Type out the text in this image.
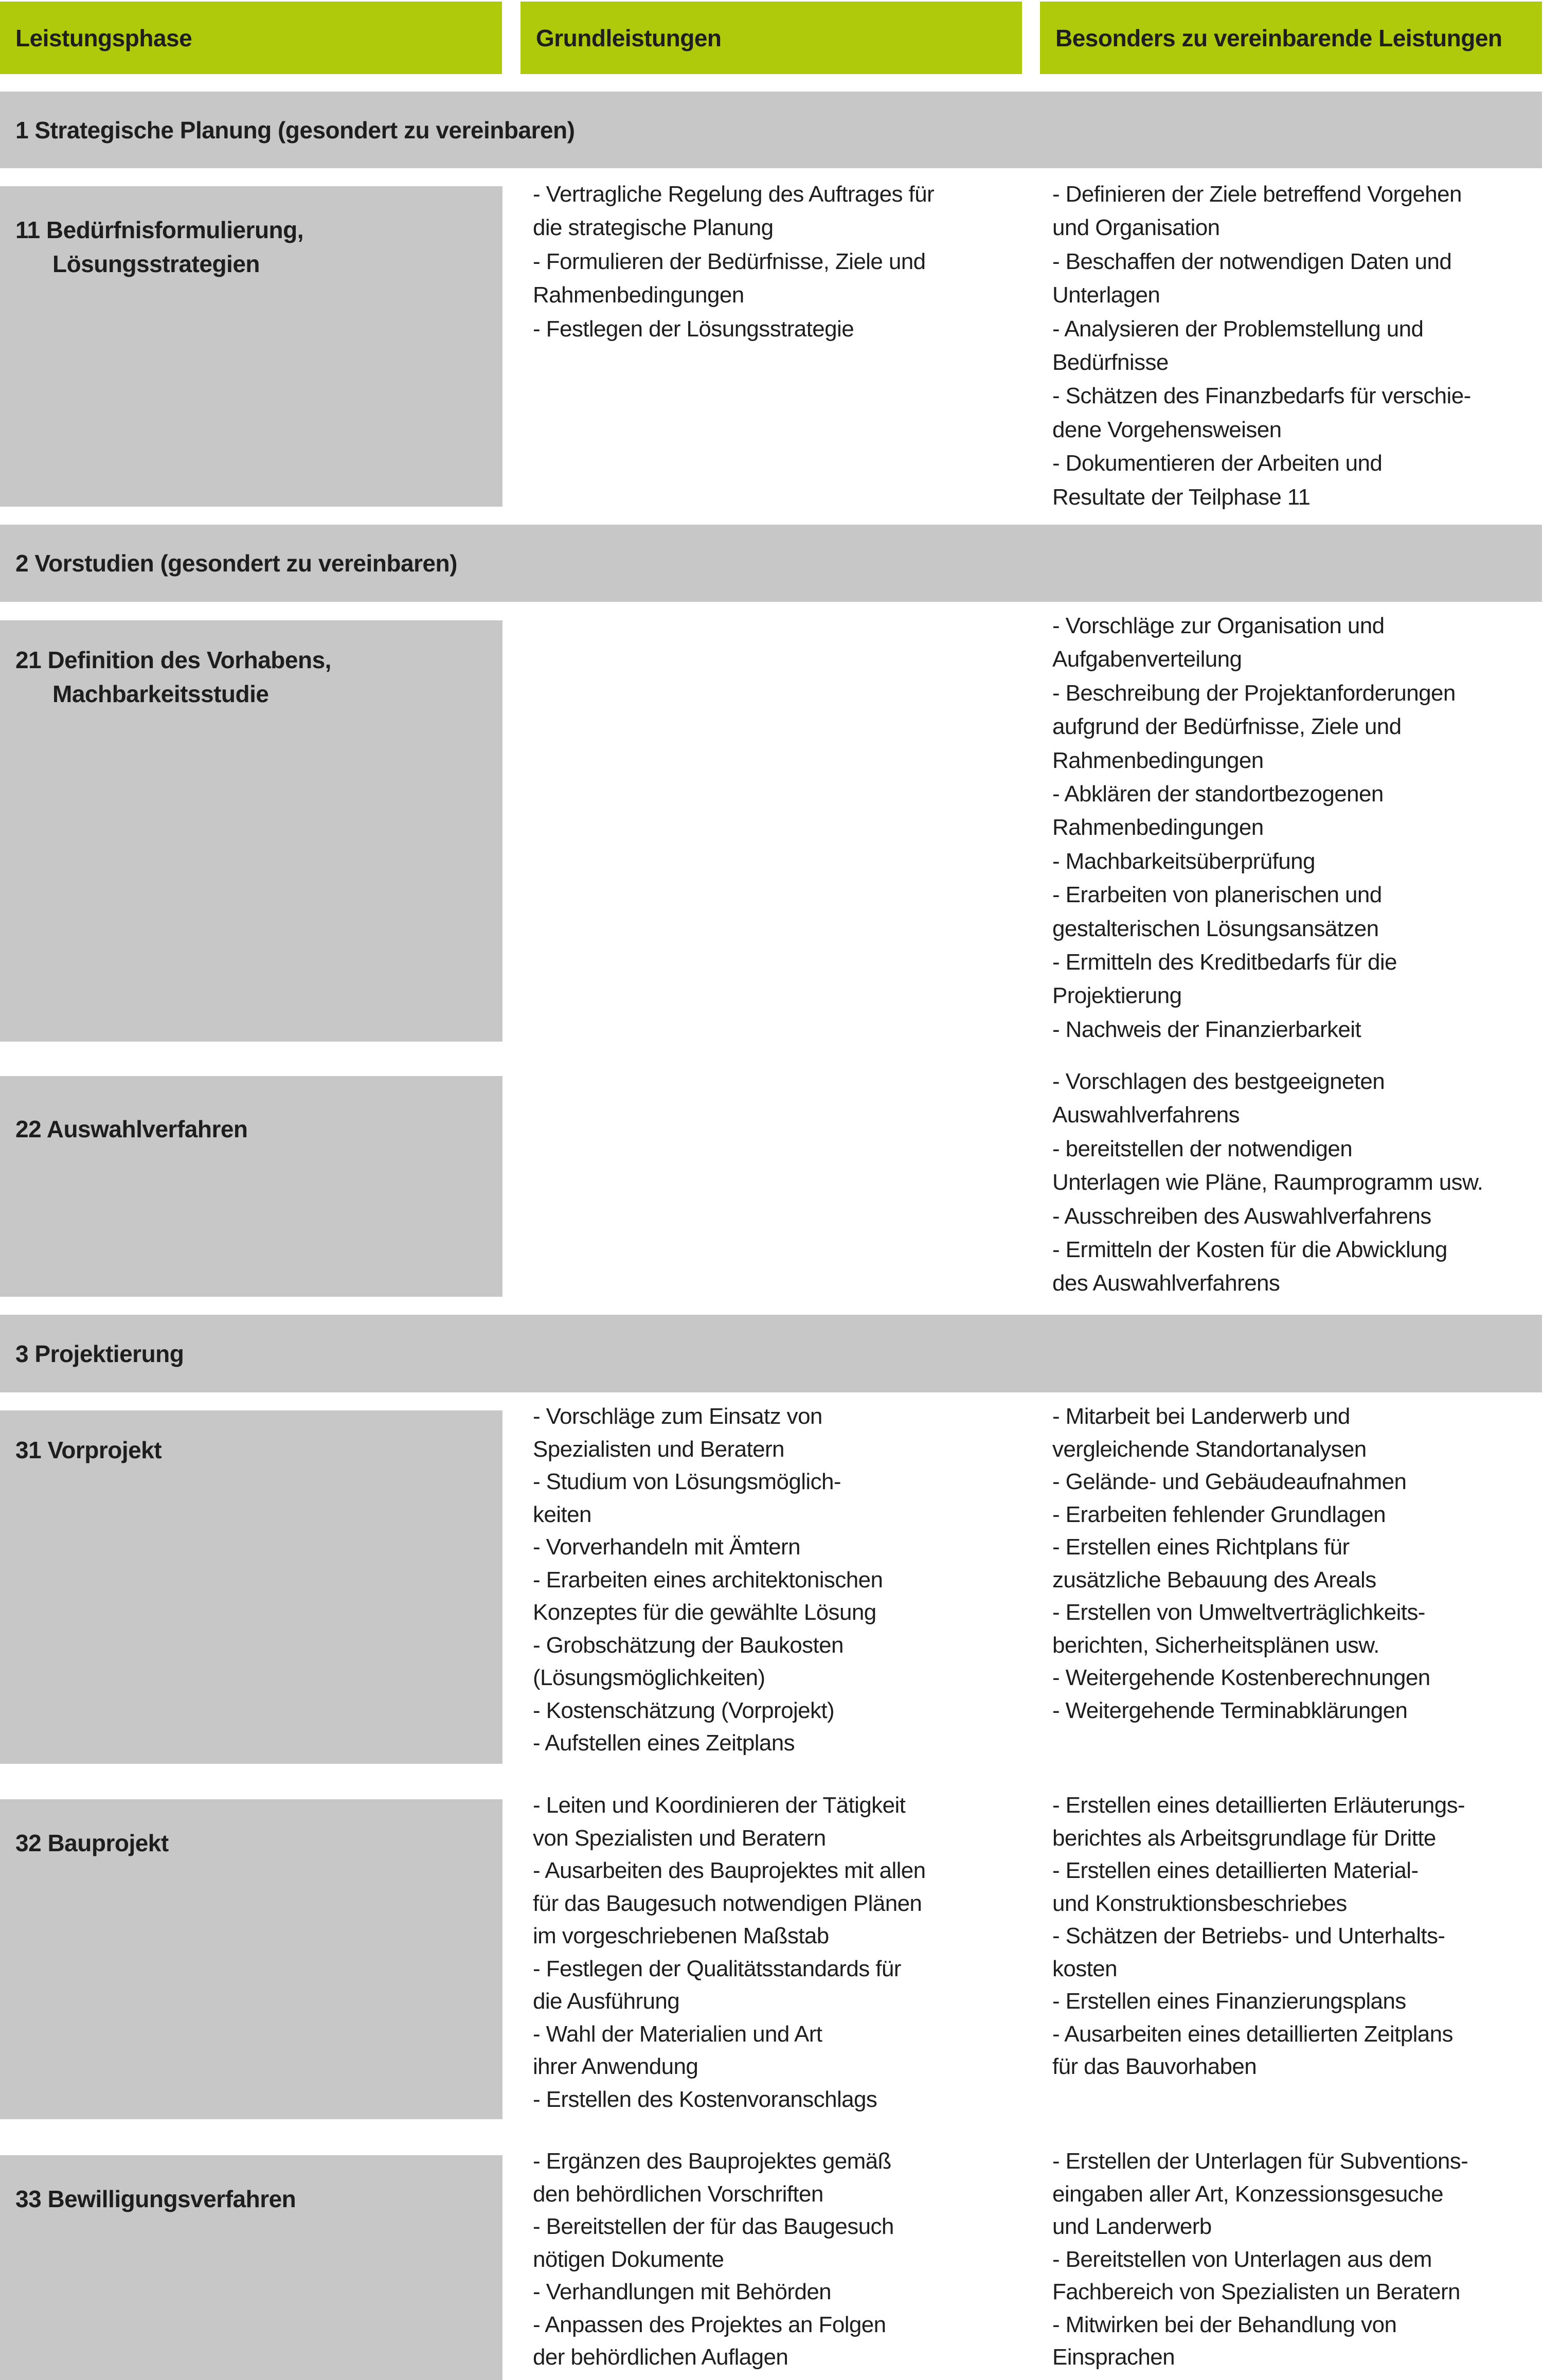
Leistungsphase	Grundleistungen	Besonders zu vereinbarende Leistungen
1 Strategische Planung (gesondert zu vereinbaren)
11 Bedürfnisformulierung,
Lösungsstrategien
- Vertragliche Regelung des Auftrages für
die strategische Planung
- Formulieren der Bedürfnisse, Ziele und
Rahmenbedingungen
- Festlegen der Lösungsstrategie
- Definieren der Ziele betreffend Vorgehen
und Organisation
- Beschaffen der notwendigen Daten und
Unterlagen
- Analysieren der Problemstellung und
Bedürfnisse
- Schätzen des Finanzbedarfs für verschie-
dene Vorgehensweisen
- Dokumentieren der Arbeiten und
Resultate der Teilphase 11
2 Vorstudien (gesondert zu vereinbaren)
21 Definition des Vorhabens,
Machbarkeitsstudie
- Vorschläge zur Organisation und
Aufgabenverteilung
- Beschreibung der Projektanforderungen
aufgrund der Bedürfnisse, Ziele und
Rahmenbedingungen
- Abklären der standortbezogenen
Rahmenbedingungen
- Machbarkeitsüberprüfung
- Erarbeiten von planerischen und
gestalterischen Lösungsansätzen
- Ermitteln des Kreditbedarfs für die
Projektierung
- Nachweis der Finanzierbarkeit
22 Auswahlverfahren
- Vorschlagen des bestgeeigneten
Auswahlverfahrens
- bereitstellen der notwendigen
Unterlagen wie Pläne, Raumprogramm usw.
- Ausschreiben des Auswahlverfahrens
- Ermitteln der Kosten für die Abwicklung
des Auswahlverfahrens
3 Projektierung
31 Vorprojekt
- Vorschläge zum Einsatz von
Spezialisten und Beratern
- Studium von Lösungsmöglich-
keiten
- Vorverhandeln mit Ämtern
- Erarbeiten eines architektonischen
Konzeptes für die gewählte Lösung
- Grobschätzung der Baukosten
(Lösungsmöglichkeiten)
- Kostenschätzung (Vorprojekt)
- Aufstellen eines Zeitplans
- Mitarbeit bei Landerwerb und
vergleichende Standortanalysen
- Gelände- und Gebäudeaufnahmen
- Erarbeiten fehlender Grundlagen
- Erstellen eines Richtplans für
zusätzliche Bebauung des Areals
- Erstellen von Umweltverträglichkeits-
berichten, Sicherheitsplänen usw.
- Weitergehende Kostenberechnungen
- Weitergehende Terminabklärungen
32 Bauprojekt
- Leiten und Koordinieren der Tätigkeit
von Spezialisten und Beratern
- Ausarbeiten des Bauprojektes mit allen
für das Baugesuch notwendigen Plänen
im vorgeschriebenen Maßstab
- Festlegen der Qualitätsstandards für
die Ausführung
- Wahl der Materialien und Art
ihrer Anwendung
- Erstellen des Kostenvoranschlags
- Erstellen eines detaillierten Erläuterungs-
berichtes als Arbeitsgrundlage für Dritte
- Erstellen eines detaillierten Material-
und Konstruktionsbeschriebes
- Schätzen der Betriebs- und Unterhalts-
kosten
- Erstellen eines Finanzierungsplans
- Ausarbeiten eines detaillierten Zeitplans
für das Bauvorhaben
33 Bewilligungsverfahren
- Ergänzen des Bauprojektes gemäß
den behördlichen Vorschriften
- Bereitstellen der für das Baugesuch
nötigen Dokumente
- Verhandlungen mit Behörden
- Anpassen des Projektes an Folgen
der behördlichen Auflagen
- Erstellen der Unterlagen für Subventions-
eingaben aller Art, Konzessionsgesuche
und Landerwerb
- Bereitstellen von Unterlagen aus dem
Fachbereich von Spezialisten un Beratern
- Mitwirken bei der Behandlung von
Einsprachen
